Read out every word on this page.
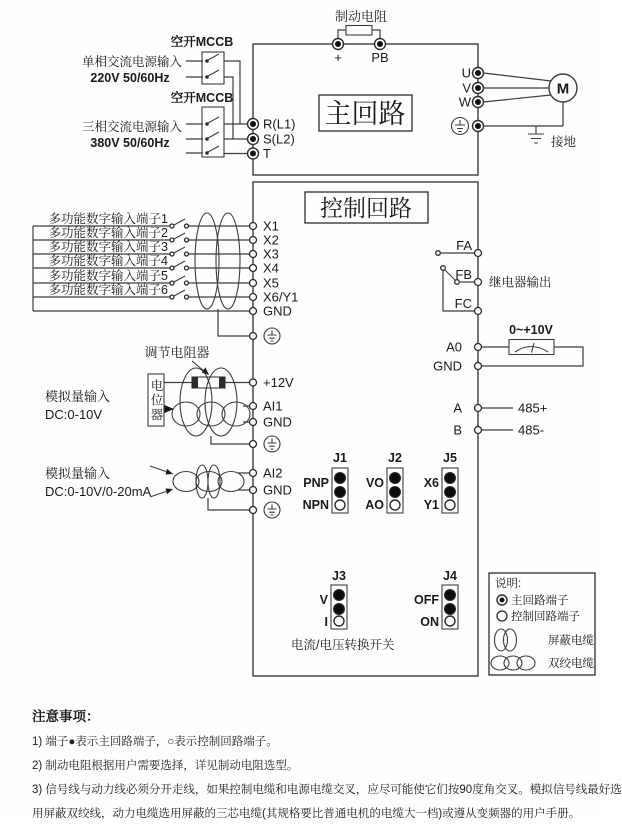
主回路
控制回路
制动电阻
+ PB
空开MCCB
单相交流电源输入
220V 50/60Hz
空开MCCB
三相交流电源输入
380V 50/60Hz
R(L1)
S(L2)
T
U
V
W
M
接地
多功能数字输入端子1
多功能数字输入端子2
多功能数字输入端子3
多功能数字输入端子4
多功能数字输入端子5
多功能数字输入端子6
X1
X2
X3
X4
X5
X6/Y1
GND
调节电阻器
电位器	+12V
AI1
GND
模拟量输入
DC:0-10V
AI2
GND
模拟量输入
DC:0-10V/0-20mA
FA
FB
FC
继电器输出
0~+10V
A0
GND
A	485+
B	485-
J1
PNP
NPN
J2
VO
AO
J5
X6
Y1
J3
V
I
J4
OFF
ON
电流/电压转换开关
说明:
主回路端子
控制回路端子
屏蔽电缆
双绞电缆
注意事项：
1) 端子●表示主回路端子，○表示控制回路端子。
2) 制动电阻根据用户需要选择，详见制动电阻选型。
3) 信号线与动力线必须分开走线，如果控制电缆和电源电缆交叉，应尽可能使它们按90度角交叉。模拟信号线最好选
用屏蔽双绞线，动力电缆选用屏蔽的三芯电缆(其规格要比普通电机的电缆大一档)或遵从变频器的用户手册。
